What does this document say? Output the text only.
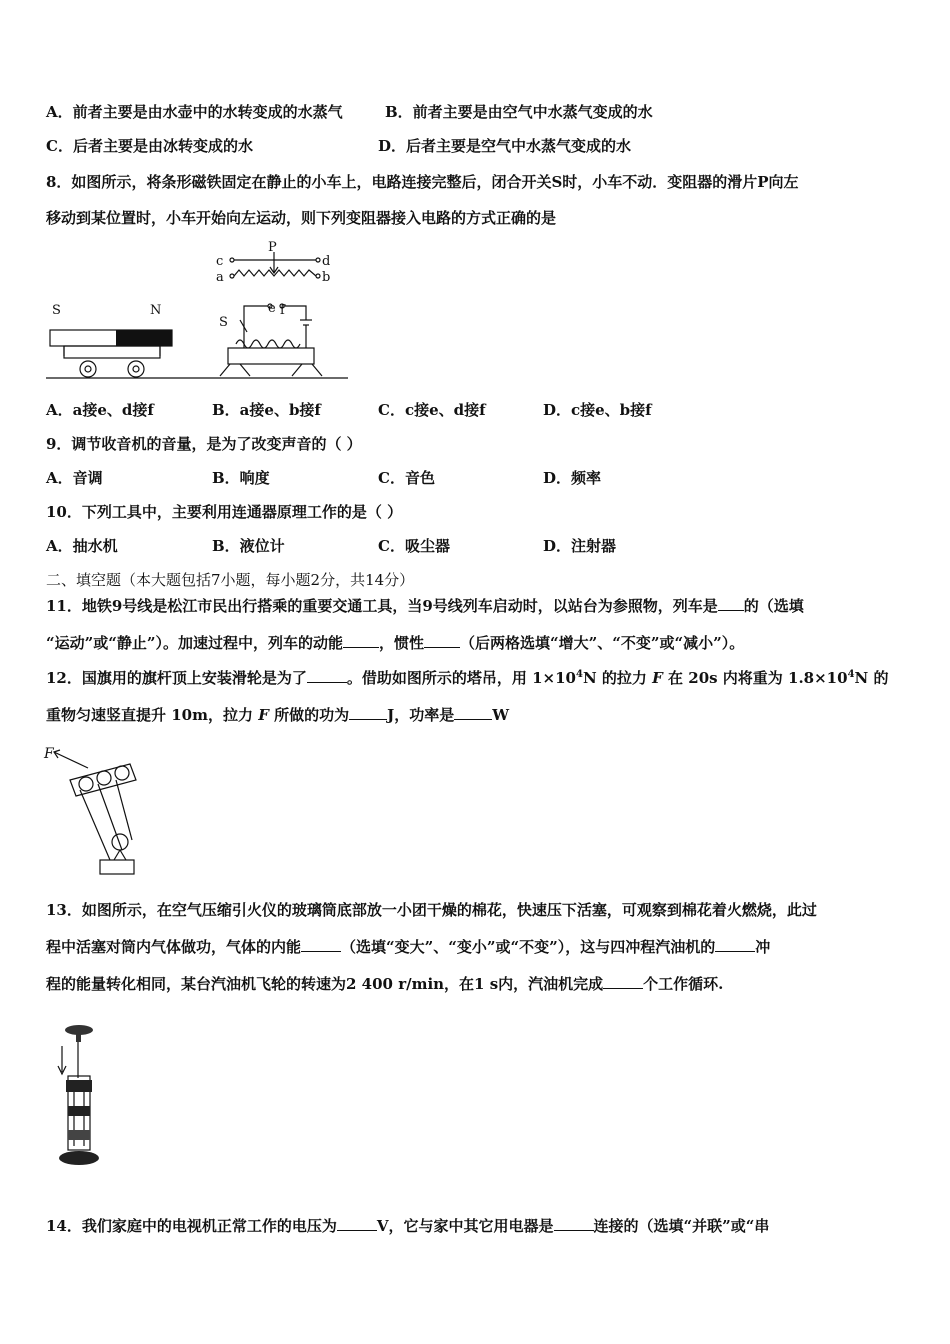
A．前者主要是由水壶中的水转变成的水蒸气	B．前者主要是由空气中水蒸气变成的水
C．后者主要是由冰转变成的水	D．后者主要是空气中水蒸气变成的水
8．如图所示，将条形磁铁固定在静止的小车上，电路连接完整后，闭合开关S时，小车不动．变阻器的滑片P向左
移动到某位置时，小车开始向左运动，则下列变阻器接入电路的方式正确的是
P
c	d
a	b
e f
S
S	N
A．a接e、d接f	B．a接e、b接f	C．c接e、d接f	D．c接e、b接f
9．调节收音机的音量，是为了改变声音的（ ）
A．音调	B．响度	C．音色	D．频率
10．下列工具中，主要利用连通器原理工作的是（ ）
A．抽水机	B．液位计	C．吸尘器	D．注射器
二、填空题（本大题包括7小题，每小题2分，共14分）
11．地铁9号线是松江市民出行搭乘的重要交通工具，当9号线列车启动时，以站台为参照物，列车是 的（选填
“运动”或“静止”）。加速过程中，列车的动能 ，惯性 （后两格选填“增大”、“不变”或“减小”）。
12．国旗用的旗杆顶上安装滑轮是为了	。借助如图所示的塔吊，用 $1\times 10^4N$ 的拉力 F 在 20s 内将重为 $1.8\times 10^4N$ 的
重物匀速竖直提升 10m，拉力 F 所做的功为	J，功率是	W
F
13．如图所示，在空气压缩引火仪的玻璃筒底部放一小团干燥的棉花，快速压下活塞，可观察到棉花着火燃烧，此过
程中活塞对筒内气体做功，气体的内能	（选填“变大”、“变小”或“不变”），这与四冲程汽油机的	冲
程的能量转化相同，某台汽油机飞轮的转速为2 400 r/min，在1 s内，汽油机完成	个工作循环.
14．我们家庭中的电视机正常工作的电压为	V，它与家中其它用电器是	连接的（选填“并联”或“串
